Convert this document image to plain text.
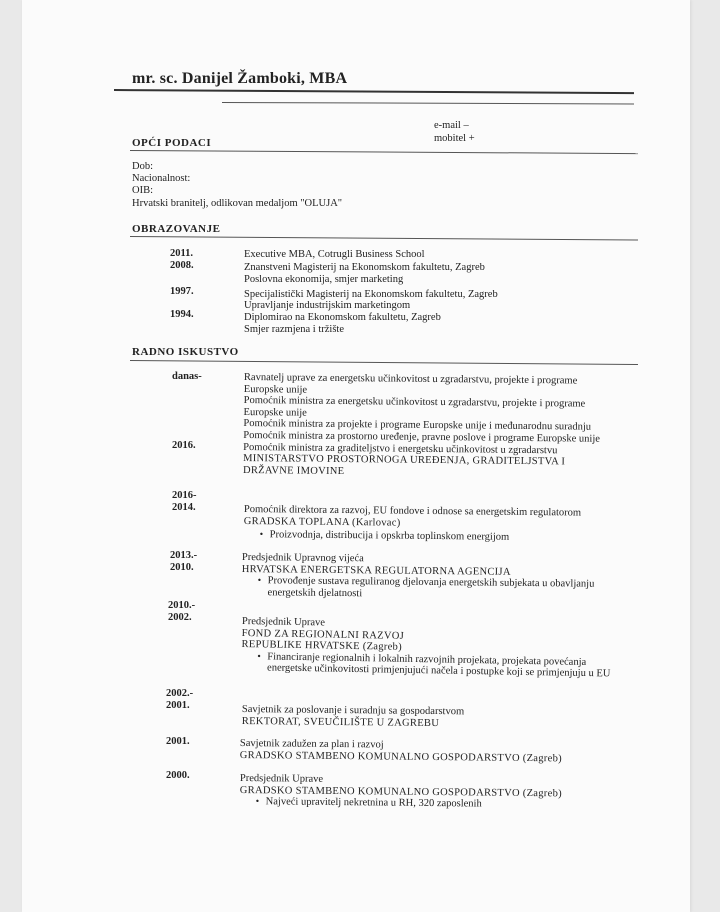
mr. sc. Danijel Žamboki, MBA
e-mail –
mobitel +
OPĆI PODACI
Dob:
Nacionalnost:
OIB:
Hrvatski branitelj, odlikovan medaljom "OLUJA"
OBRAZOVANJE
2011.	Executive MBA, Cotrugli Business School
2008.	Znanstveni Magisterij na Ekonomskom fakultetu, Zagreb
Poslovna ekonomija, smjer marketing
1997.	Specijalistički Magisterij na Ekonomskom fakultetu, Zagreb
Upravljanje industrijskim marketingom
1994.	Diplomirao na Ekonomskom fakultetu, Zagreb
Smjer razmjena i tržište
RADNO ISKUSTVO
danas-
2016.
Ravnatelj uprave za energetsku učinkovitost u zgradarstvu, projekte i programe Europske unije
Pomoćnik ministra za energetsku učinkovitost u zgradarstvu, projekte i programe Europske unije
Pomoćnik ministra za projekte i programe Europske unije i međunarodnu suradnju
Pomoćnik ministra za prostorno uređenje, pravne poslove i programe Europske unije
Pomoćnik ministra za graditeljstvo i energetsku učinkovitost u zgradarstvu
MINISTARSTVO PROSTORNOGA UREĐENJA, GRADITELJSTVA I DRŽAVNE IMOVINE
2016-
2014.	Pomoćnik direktora za razvoj, EU fondove i odnose sa energetskim regulatorom
GRADSKA TOPLANA (Karlovac)
• Proizvodnja, distribucija i opskrba toplinskom energijom
2013.-
2010.
Predsjednik Upravnog vijeća
HRVATSKA ENERGETSKA REGULATORNA AGENCIJA
• Provođenje sustava reguliranog djelovanja energetskih subjekata u obavljanju energetskih djelatnosti
2010.-
2002.	Predsjednik Uprave
FOND ZA REGIONALNI RAZVOJ REPUBLIKE HRVATSKE (Zagreb)
• Financiranje regionalnih i lokalnih razvojnih projekata, projekata povećanja energetske učinkovitosti primjenjujući načela i postupke koji se primjenjuju u EU
2002.-
2001.	Savjetnik za poslovanje i suradnju sa gospodarstvom
REKTORAT, SVEUČILIŠTE U ZAGREBU
2001.	Savjetnik zadužen za plan i razvoj
GRADSKO STAMBENO KOMUNALNO GOSPODARSTVO (Zagreb)
2000.	Predsjednik Uprave
GRADSKO STAMBENO KOMUNALNO GOSPODARSTVO (Zagreb)
• Najveći upravitelj nekretnina u RH, 320 zaposlenih
